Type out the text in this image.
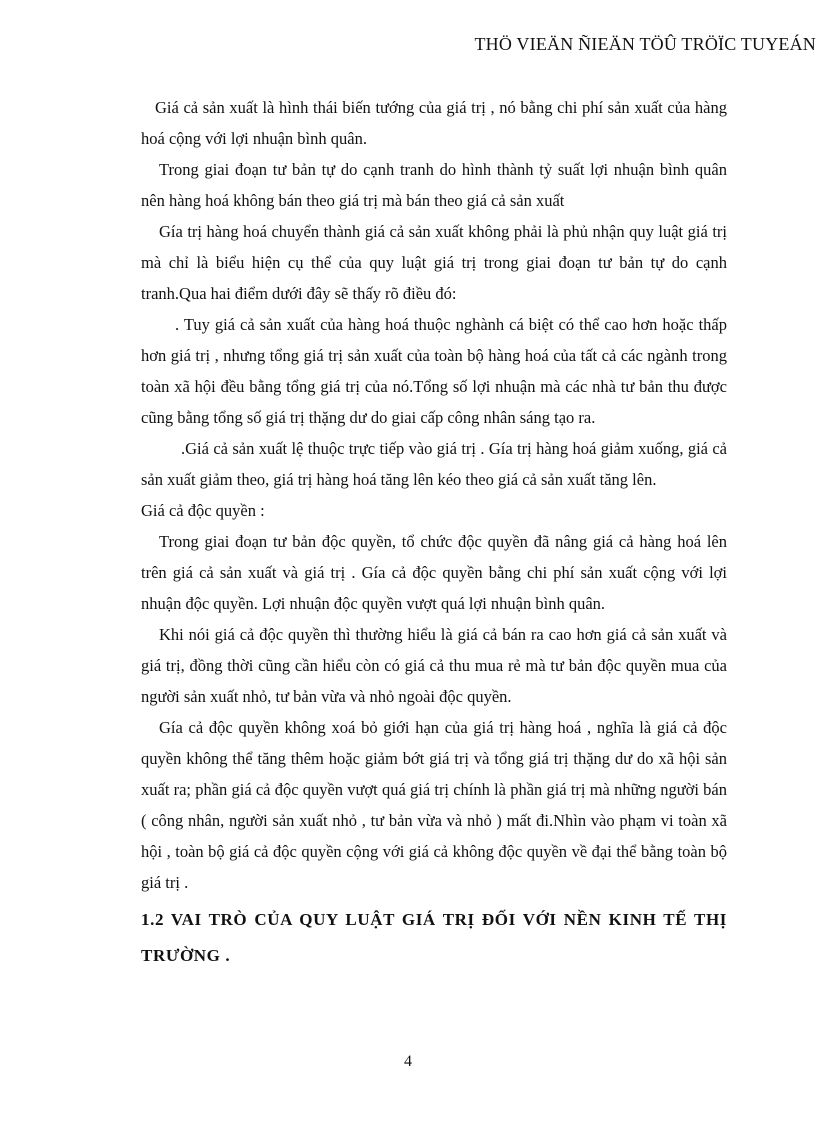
THÖ VIEÄN ÑIEÄN TÖÛ TRÖÏC TUYEÁN

Giá cả sản xuất là hình thái biến tướng của giá trị , nó bằng chi phí sản xuất của hàng hoá cộng với lợi nhuận bình quân.

Trong giai đoạn tư bản tự do cạnh tranh do hình thành tỷ suất lợi nhuận bình quân nên hàng hoá không bán theo giá trị mà bán theo giá cả sản xuất

Gía trị hàng hoá chuyển thành giá cả sản xuất không phải là phủ nhận quy luật giá trị mà chỉ là biểu hiện cụ thể của quy luật giá trị trong giai đoạn tư bản tự do cạnh tranh.Qua hai điểm dưới đây sẽ thấy rõ điều đó:

. Tuy giá cả sản xuất của hàng hoá thuộc nghành cá biệt có thể cao hơn hoặc thấp hơn giá trị , nhưng tổng giá trị sản xuất của toàn bộ hàng hoá của tất cả các ngành trong toàn xã hội đều bằng tổng giá trị của nó.Tổng số lợi nhuận mà các nhà tư bản thu được cũng bằng tổng số giá trị thặng dư do giai cấp công nhân sáng tạo ra.

.Giá cả sản xuất lệ thuộc trực tiếp vào giá trị . Gía trị hàng hoá giảm xuống, giá cả sản xuất giảm theo, giá trị hàng hoá tăng lên kéo theo giá cả sản xuất tăng lên.

Giá cả độc quyền :

Trong giai đoạn tư bản độc quyền, tổ chức độc quyền đã nâng giá cả hàng hoá lên trên giá cả sản xuất và giá trị . Gía cả độc quyền bằng chi phí sản xuất cộng với lợi nhuận độc quyền. Lợi nhuận độc quyền vượt quá lợi nhuận bình quân.

Khi nói giá cả độc quyền thì thường hiểu là giá cả bán ra cao hơn giá cả sản xuất và giá trị, đồng thời cũng cần hiểu còn có giá cả thu mua rẻ mà tư bản độc quyền mua của người sản xuất nhỏ, tư bản vừa và nhỏ ngoài độc quyền.

Gía cả độc quyền không xoá bỏ giới hạn của giá trị hàng hoá , nghĩa là giá cả độc quyền không thể tăng thêm hoặc giảm bớt giá trị và tổng giá trị thặng dư do xã hội sản xuất ra; phần giá cả độc quyền vượt quá giá trị chính là phần giá trị mà những người bán ( công nhân, người sản xuất nhỏ , tư bản vừa và nhỏ ) mất đi.Nhìn vào phạm vi toàn xã hội , toàn bộ giá cả độc quyền cộng với giá cả không độc quyền về đại thể bằng toàn bộ giá trị .

1.2 VAI TRÒ CỦA QUY LUẬT GIÁ TRỊ ĐỐI VỚI NỀN KINH TẾ THỊ TRƯỜNG .

4
